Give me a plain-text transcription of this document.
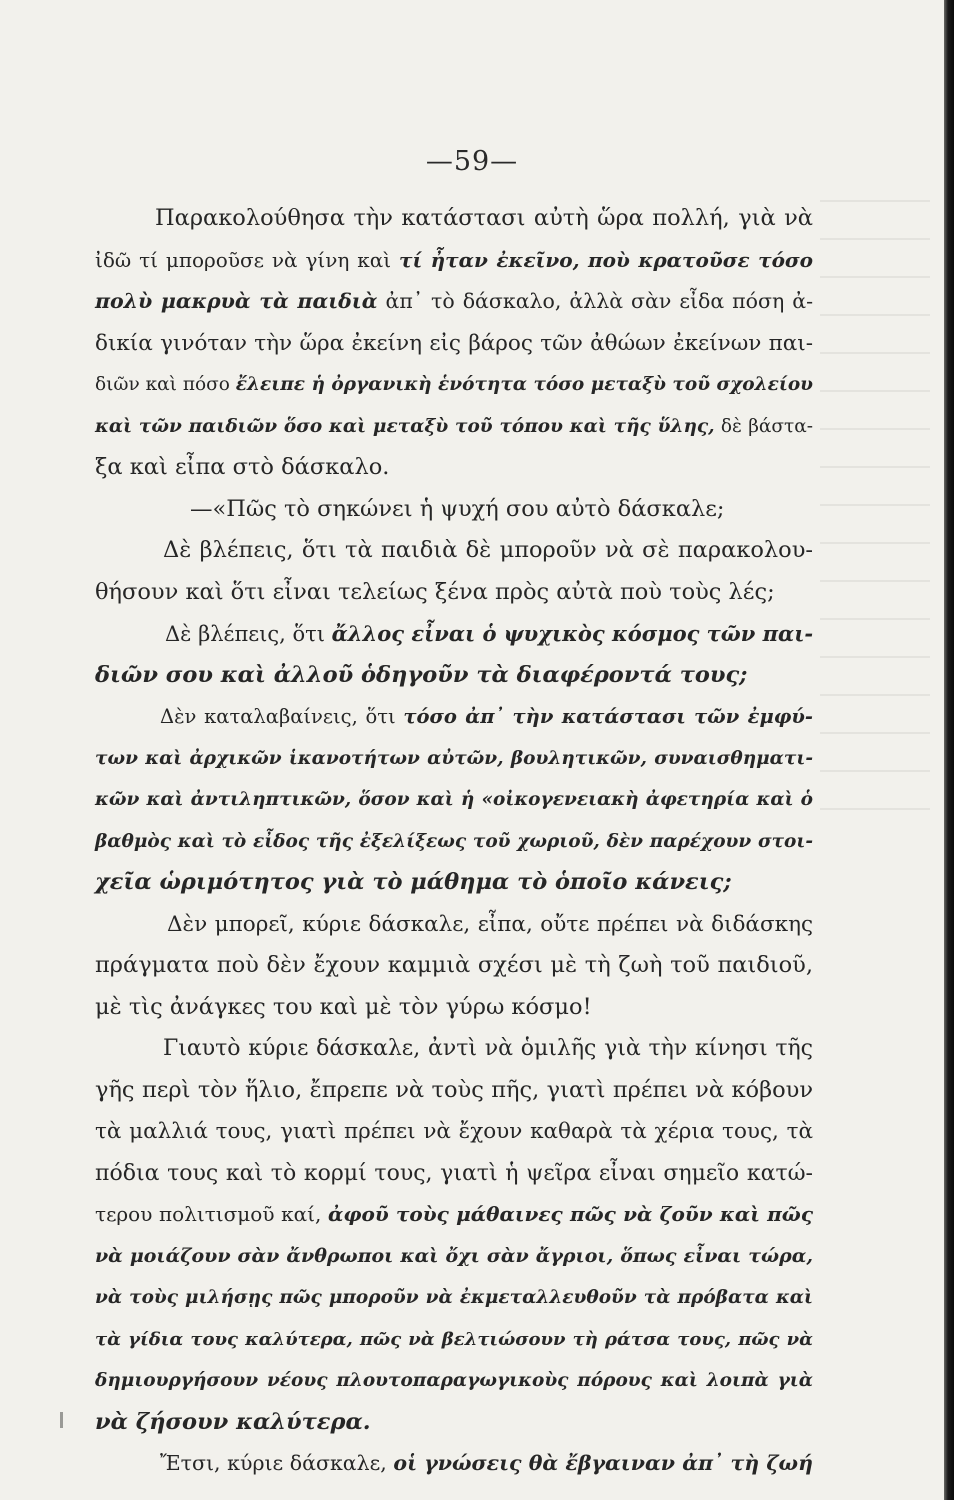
—59—
Παρακολούθησα τὴν κατάστασι αὐτὴ ὥρα πολλή, γιὰ νὰ
ἰδῶ τί μποροῦσε νὰ γίνη καὶ τί ἦταν ἐκεῖνο, ποὺ κρατοῦσε τόσο
πολὺ μακρυὰ τὰ παιδιὰ ἀπ᾽ τὸ δάσκαλο, ἀλλὰ σὰν εἶδα πόση ἀ-
δικία γινόταν τὴν ὥρα ἐκείνη εἰς βάρος τῶν ἀθώων ἐκείνων παι-
διῶν καὶ πόσο ἔλειπε ἡ ὀργανικὴ ἑνότητα τόσο μεταξὺ τοῦ σχολείου
καὶ τῶν παιδιῶν ὅσο καὶ μεταξὺ τοῦ τόπου καὶ τῆς ὕλης, δὲ βάστα-
ξα καὶ εἶπα στὸ δάσκαλο.
—«Πῶς τὸ σηκώνει ἡ ψυχή σου αὐτὸ δάσκαλε;
Δὲ βλέπεις, ὅτι τὰ παιδιὰ δὲ μποροῦν νὰ σὲ παρακολου-
θήσουν καὶ ὅτι εἶναι τελείως ξένα πρὸς αὐτὰ ποὺ τοὺς λές;
Δὲ βλέπεις, ὅτι ἄλλος εἶναι ὁ ψυχικὸς κόσμος τῶν παι-
διῶν σου καὶ ἀλλοῦ ὁδηγοῦν τὰ διαφέροντά τους;
Δὲν καταλαβαίνεις, ὅτι τόσο ἀπ᾽ τὴν κατάστασι τῶν ἐμφύ-
των καὶ ἀρχικῶν ἱκανοτήτων αὐτῶν, βουλητικῶν, συναισθηματι-
κῶν καὶ ἀντιληπτικῶν, ὅσον καὶ ἡ «οἰκογενειακὴ ἀφετηρία καὶ ὁ
βαθμὸς καὶ τὸ εἶδος τῆς ἐξελίξεως τοῦ χωριοῦ, δὲν παρέχουν στοι-
χεῖα ὡριμότητος γιὰ τὸ μάθημα τὸ ὁποῖο κάνεις;
Δὲν μπορεῖ, κύριε δάσκαλε, εἶπα, οὔτε πρέπει νὰ διδάσκης
πράγματα ποὺ δὲν ἔχουν καμμιὰ σχέσι μὲ τὴ ζωὴ τοῦ παιδιοῦ,
μὲ τὶς ἀνάγκες του καὶ μὲ τὸν γύρω κόσμο!
Γιαυτὸ κύριε δάσκαλε, ἀντὶ νὰ ὁμιλῆς γιὰ τὴν κίνησι τῆς
γῆς περὶ τὸν ἥλιο, ἔπρεπε νὰ τοὺς πῆς, γιατὶ πρέπει νὰ κόβουν
τὰ μαλλιά τους, γιατὶ πρέπει νὰ ἔχουν καθαρὰ τὰ χέρια τους, τὰ
πόδια τους καὶ τὸ κορμί τους, γιατὶ ἡ ψεῖρα εἶναι σημεῖο κατώ-
τερου πολιτισμοῦ καί, ἀφοῦ τοὺς μάθαινες πῶς νὰ ζοῦν καὶ πῶς
νὰ μοιάζουν σὰν ἄνθρωποι καὶ ὄχι σὰν ἄγριοι, ὅπως εἶναι τώρα,
νὰ τοὺς μιλήσῃς πῶς μποροῦν νὰ ἐκμεταλλευθοῦν τὰ πρόβατα καὶ
τὰ γίδια τους καλύτερα, πῶς νὰ βελτιώσουν τὴ ράτσα τους, πῶς νὰ
δημιουργήσουν νέους πλουτοπαραγωγικοὺς πόρους καὶ λοιπὰ γιὰ
νὰ ζήσουν καλύτερα.
Ἔτσι, κύριε δάσκαλε, οἱ γνώσεις θὰ ἔβγαιναν ἀπ᾽ τὴ ζωή
